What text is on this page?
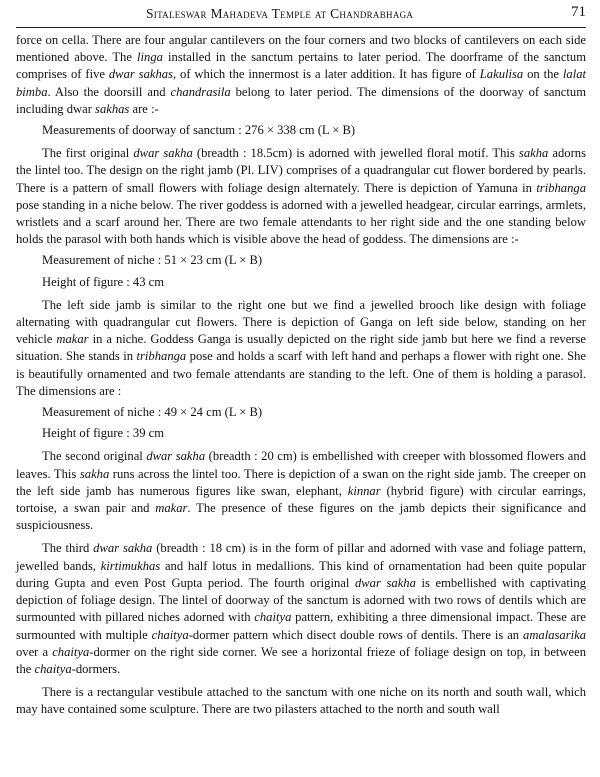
Sitaleswar Mahadeva Temple at Chandrabhaga	71

force on cella. There are four angular cantilevers on the four corners and two blocks of cantilevers on each side mentioned above. The linga installed in the sanctum pertains to later period. The doorframe of the sanctum comprises of five dwar sakhas, of which the innermost is a later addition. It has figure of Lakulisa on the lalat bimba. Also the doorsill and chandrasila belong to later period. The dimensions of the doorway of sanctum including dwar sakhas are :-

Measurements of doorway of sanctum : 276 × 338 cm (L × B)

The first original dwar sakha (breadth : 18.5cm) is adorned with jewelled floral motif. This sakha adorns the lintel too. The design on the right jamb (Pl. LIV) comprises of a quadrangular cut flower bordered by pearls. There is a pattern of small flowers with foliage design alternately. There is depiction of Yamuna in tribhanga pose standing in a niche below. The river goddess is adorned with a jewelled headgear, circular earrings, armlets, wristlets and a scarf around her. There are two female attendants to her right side and the one standing below holds the parasol with both hands which is visible above the head of goddess. The dimensions are :-

Measurement of niche : 51 × 23 cm (L × B)

Height of figure : 43 cm

The left side jamb is similar to the right one but we find a jewelled brooch like design with foliage alternating with quadrangular cut flowers. There is depiction of Ganga on left side below, standing on her vehicle makar in a niche. Goddess Ganga is usually depicted on the right side jamb but here we find a reverse situation. She stands in tribhanga pose and holds a scarf with left hand and perhaps a flower with right one. She is beautifully ornamented and two female attendants are standing to the left. One of them is holding a parasol. The dimensions are :

Measurement of niche : 49 × 24 cm (L × B)

Height of figure : 39 cm

The second original dwar sakha (breadth : 20 cm) is embellished with creeper with blossomed flowers and leaves. This sakha runs across the lintel too. There is depiction of a swan on the right side jamb. The creeper on the left side jamb has numerous figures like swan, elephant, kinnar (hybrid figure) with circular earrings, tortoise, a swan pair and makar. The presence of these figures on the jamb depicts their significance and suspiciousness.

The third dwar sakha (breadth : 18 cm) is in the form of pillar and adorned with vase and foliage pattern, jewelled bands, kirtimukhas and half lotus in medallions. This kind of ornamentation had been quite popular during Gupta and even Post Gupta period. The fourth original dwar sakha is embellished with captivating depiction of foliage design. The lintel of doorway of the sanctum is adorned with two rows of dentils which are surmounted with pillared niches adorned with chaitya pattern, exhibiting a three dimensional impact. These are surmounted with multiple chaitya-dormer pattern which disect double rows of dentils. There is an amalasarika over a chaitya-dormer on the right side corner. We see a horizontal frieze of foliage design on top, in between the chaitya-dormers.

There is a rectangular vestibule attached to the sanctum with one niche on its north and south wall, which may have contained some sculpture. There are two pilasters attached to the north and south wall
